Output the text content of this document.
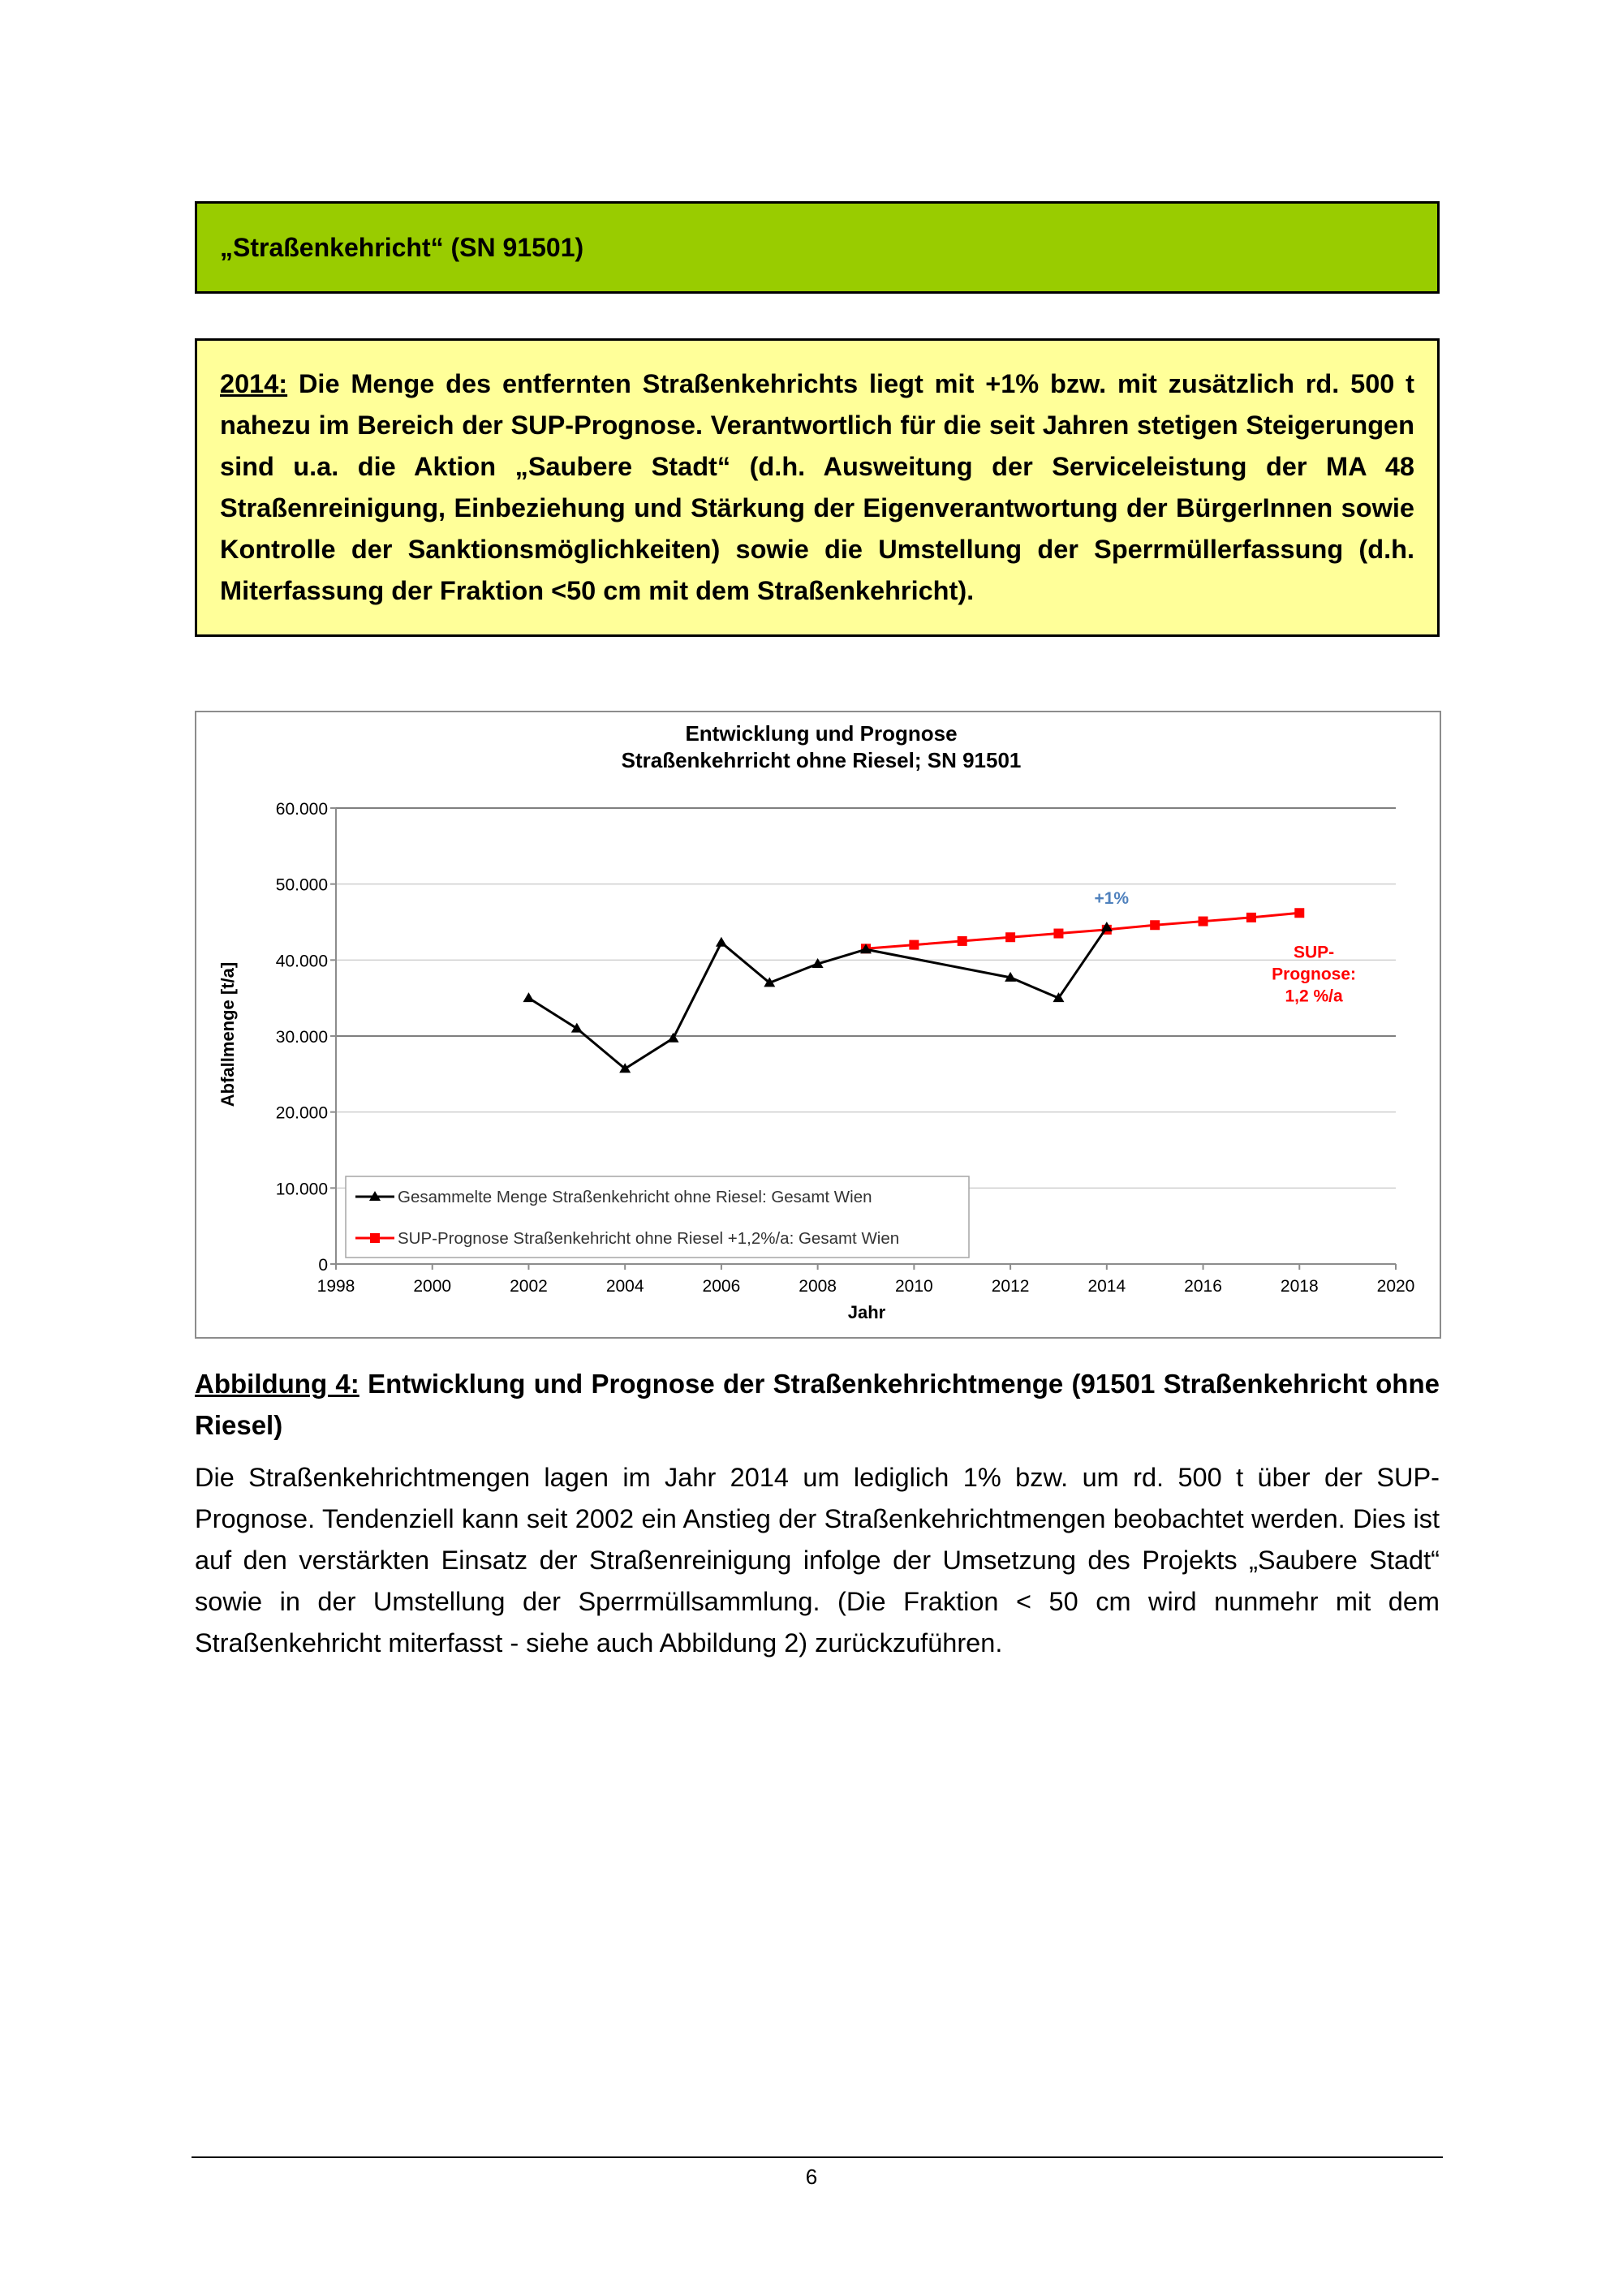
„Straßenkehricht“ (SN 91501)
2014: Die Menge des entfernten Straßenkehrichts liegt mit +1% bzw. mit zusätzlich rd. 500 t nahezu im Bereich der SUP-Prognose. Verantwortlich für die seit Jahren stetigen Steigerungen sind u.a. die Aktion „Saubere Stadt“ (d.h. Ausweitung der Serviceleistung der MA 48 Straßenreinigung, Einbeziehung und Stärkung der Eigenverantwortung der BürgerInnen sowie Kontrolle der Sanktionsmöglichkeiten) sowie die Umstellung der Sperrmüllerfassung (d.h. Miterfassung der Fraktion <50 cm mit dem Straßenkehricht).
Entwicklung und Prognose
Straßenkehrricht ohne Riesel; SN 91501
0
10.000
20.000
30.000
40.000
50.000
60.000
1998	2000	2002	2004	2006	2008	2010	2012	2014	2016	2018	2020
Abfallmenge [t/a]
Jahr
+1%
SUP-
Prognose:
1,2 %/a
Gesammelte Menge Straßenkehricht ohne Riesel: Gesamt Wien
SUP-Prognose Straßenkehricht ohne Riesel +1,2%/a: Gesamt Wien
Abbildung 4: Entwicklung und Prognose der Straßenkehrichtmenge (91501 Straßenkehricht ohne Riesel)

Die Straßenkehrichtmengen lagen im Jahr 2014 um lediglich 1% bzw. um rd. 500 t über der SUP-Prognose. Tendenziell kann seit 2002 ein Anstieg der Straßenkehrichtmengen beobachtet werden. Dies ist auf den verstärkten Einsatz der Straßenreinigung infolge der Umsetzung des Projekts „Saubere Stadt“ sowie in der Umstellung der Sperrmüllsammlung. (Die Fraktion < 50 cm wird nunmehr mit dem Straßenkehricht miterfasst - siehe auch Abbildung 2) zurückzuführen.

6
